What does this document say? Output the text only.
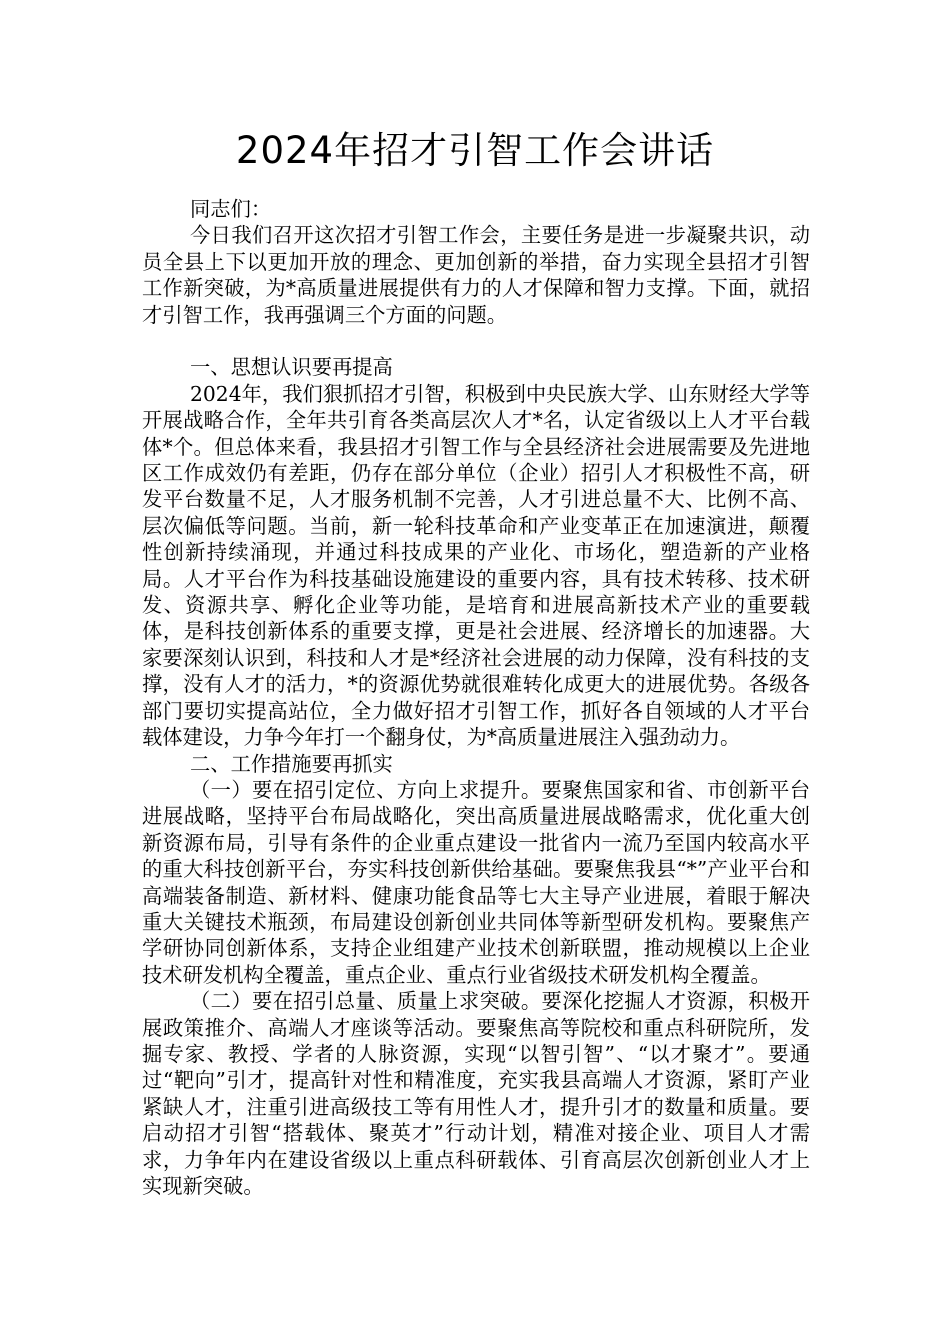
2024年招才引智工作会讲话

同志们：

今日我们召开这次招才引智工作会，主要任务是进一步凝聚共识，动员全县上下以更加开放的理念、更加创新的举措，奋力实现全县招才引智工作新突破，为*高质量进展提供有力的人才保障和智力支撑。下面，就招才引智工作，我再强调三个方面的问题。

一、思想认识要再提高

2024年，我们狠抓招才引智，积极到中央民族大学、山东财经大学等开展战略合作，全年共引育各类高层次人才*名，认定省级以上人才平台载体*个。但总体来看，我县招才引智工作与全县经济社会进展需要及先进地区工作成效仍有差距，仍存在部分单位（企业）招引人才积极性不高，研发平台数量不足，人才服务机制不完善，人才引进总量不大、比例不高、层次偏低等问题。当前，新一轮科技革命和产业变革正在加速演进，颠覆性创新持续涌现，并通过科技成果的产业化、市场化，塑造新的产业格局。人才平台作为科技基础设施建设的重要内容，具有技术转移、技术研发、资源共享、孵化企业等功能，是培育和进展高新技术产业的重要载体，是科技创新体系的重要支撑，更是社会进展、经济增长的加速器。大家要深刻认识到，科技和人才是*经济社会进展的动力保障，没有科技的支撑，没有人才的活力，*的资源优势就很难转化成更大的进展优势。各级各部门要切实提高站位，全力做好招才引智工作，抓好各自领域的人才平台载体建设，力争今年打一个翻身仗，为*高质量进展注入强劲动力。

二、工作措施要再抓实

（一）要在招引定位、方向上求提升。要聚焦国家和省、市创新平台进展战略，坚持平台布局战略化，突出高质量进展战略需求，优化重大创新资源布局，引导有条件的企业重点建设一批省内一流乃至国内较高水平的重大科技创新平台，夯实科技创新供给基础。要聚焦我县“*”产业平台和高端装备制造、新材料、健康功能食品等七大主导产业进展，着眼于解决重大关键技术瓶颈，布局建设创新创业共同体等新型研发机构。要聚焦产学研协同创新体系，支持企业组建产业技术创新联盟，推动规模以上企业技术研发机构全覆盖，重点企业、重点行业省级技术研发机构全覆盖。

（二）要在招引总量、质量上求突破。要深化挖掘人才资源，积极开展政策推介、高端人才座谈等活动。要聚焦高等院校和重点科研院所，发掘专家、教授、学者的人脉资源，实现“以智引智”、“以才聚才”。要通过“靶向”引才，提高针对性和精准度，充实我县高端人才资源，紧盯产业紧缺人才，注重引进高级技工等有用性人才，提升引才的数量和质量。要启动招才引智“搭载体、聚英才”行动计划，精准对接企业、项目人才需求，力争年内在建设省级以上重点科研载体、引育高层次创新创业人才上实现新突破。
